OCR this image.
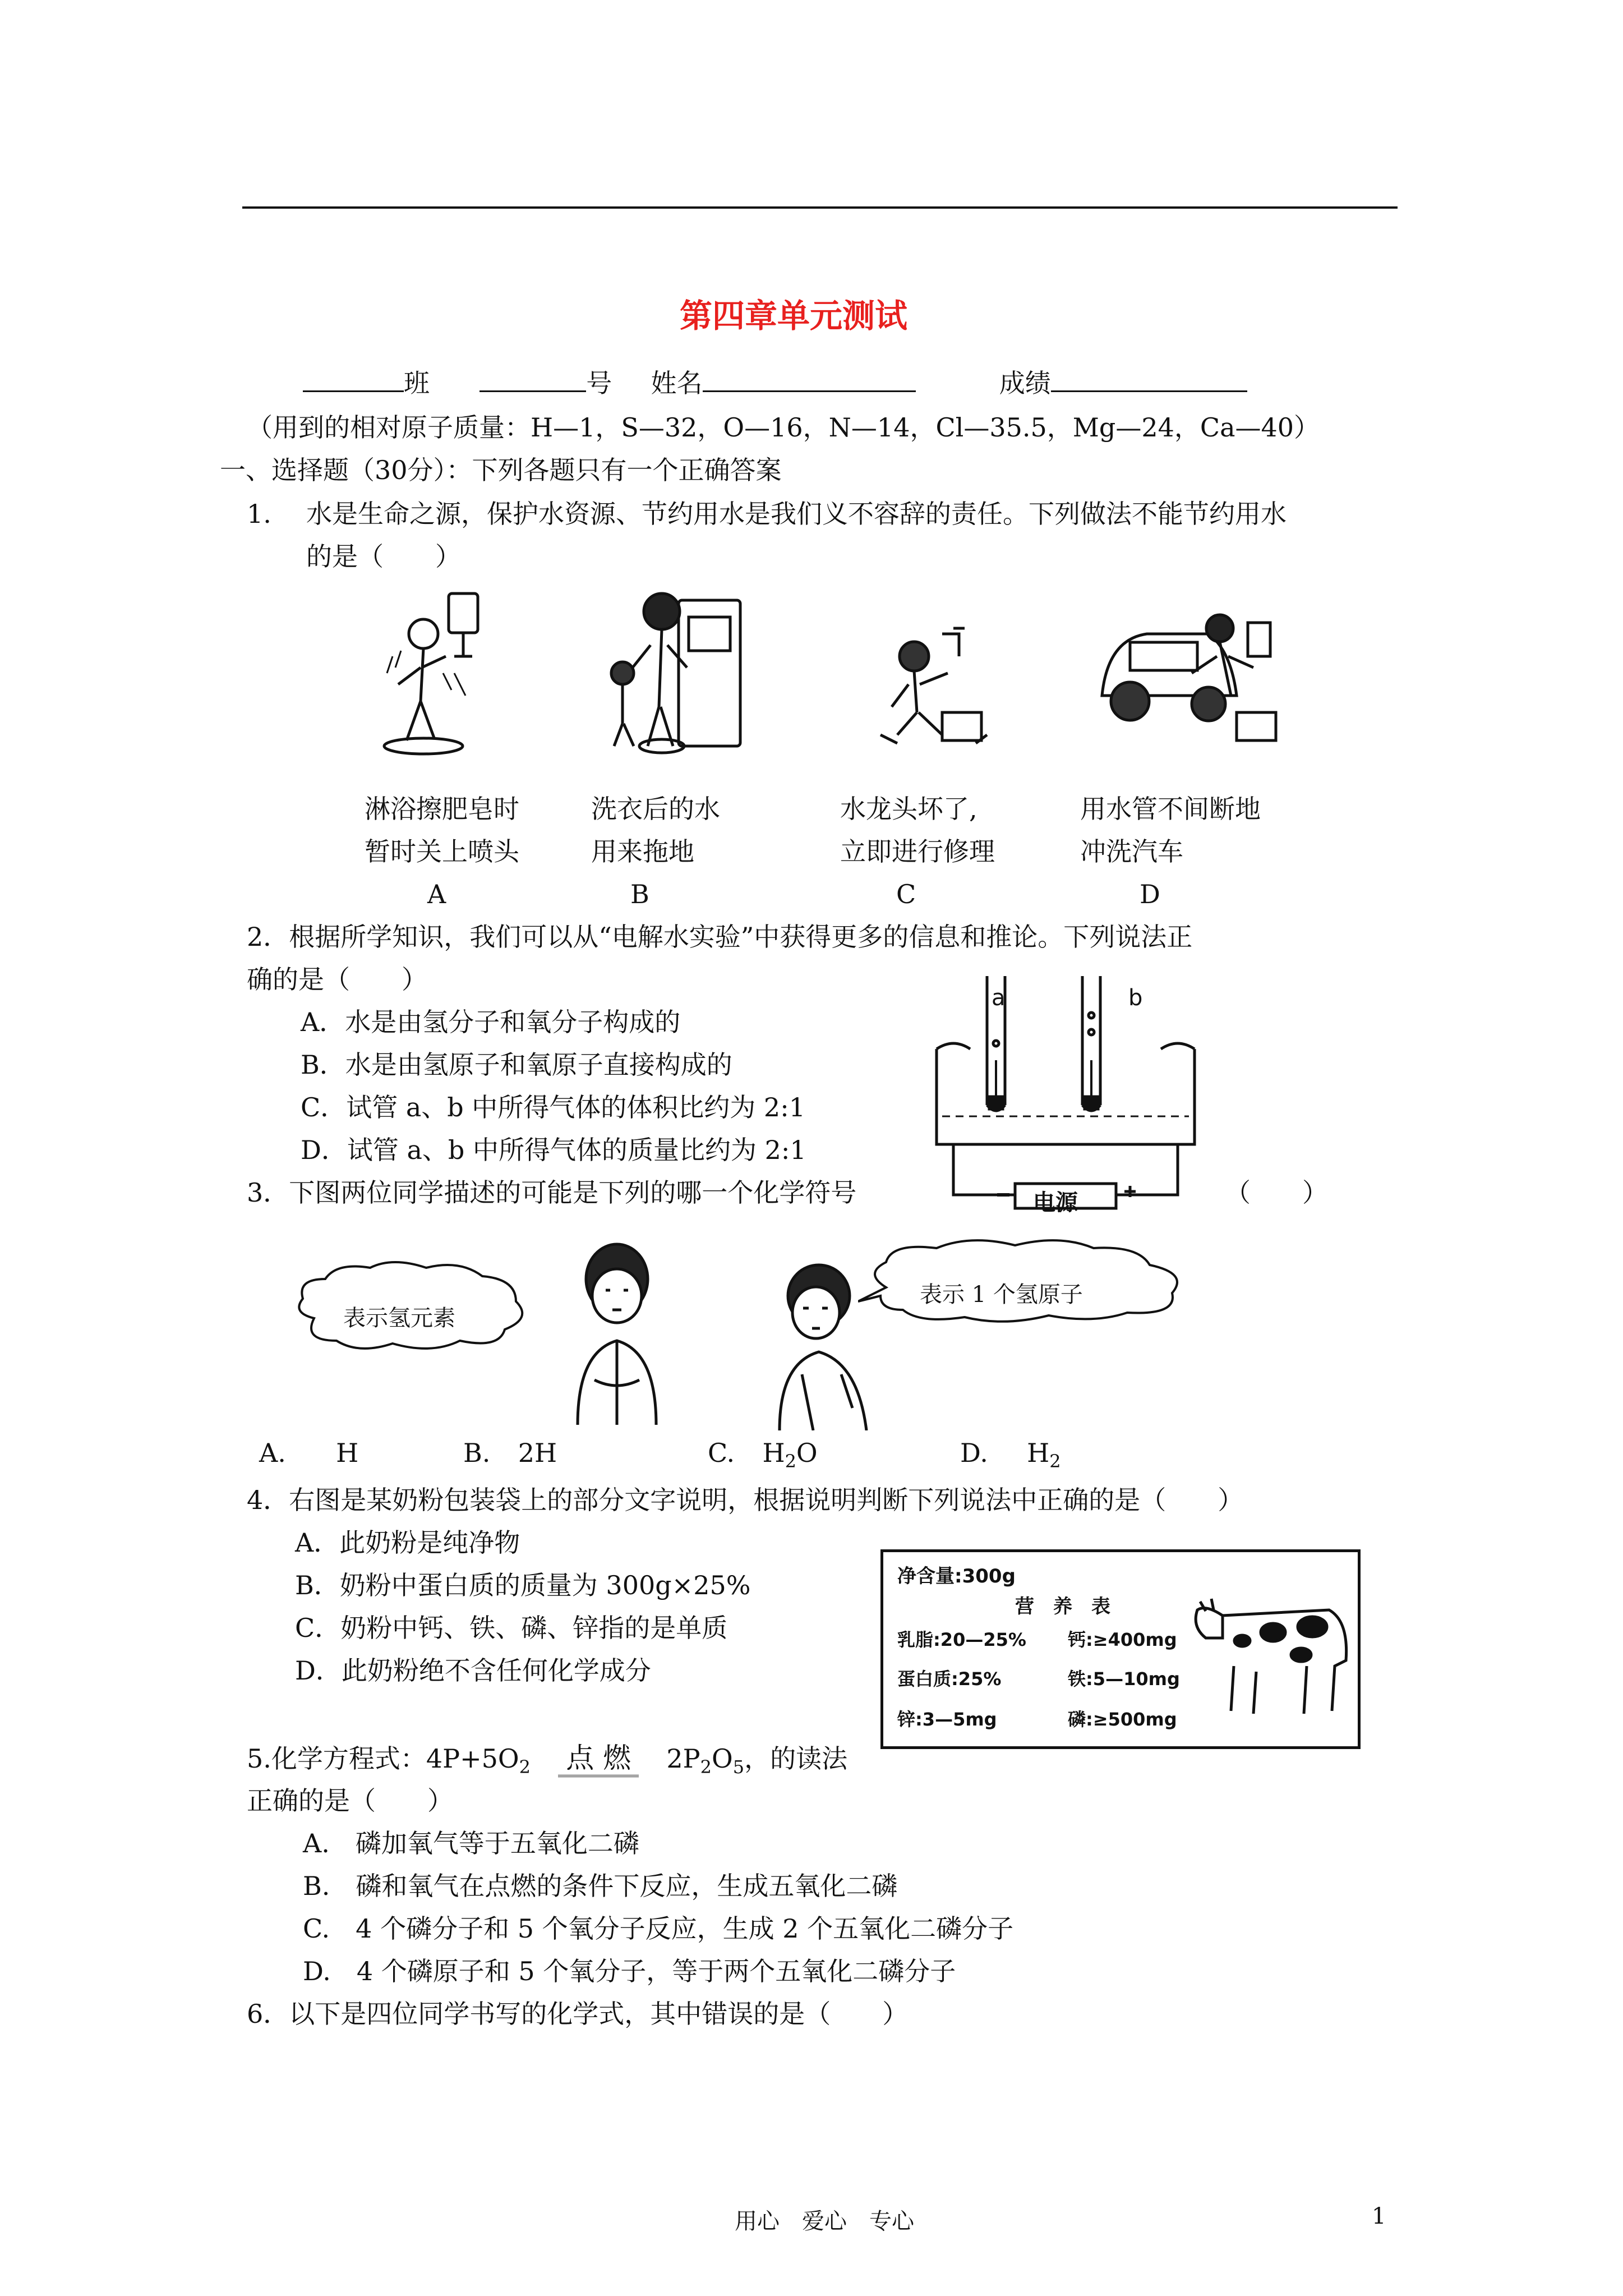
第四章单元测试
班	号 姓名	成绩
（用到的相对原子质量：H—1，S—32，O—16，N—14，Cl—35.5，Mg—24，Ca—40）
一、选择题（30分）：下列各题只有一个正确答案
1. 水是生命之源，保护水资源、节约用水是我们义不容辞的责任。下列做法不能节约用水
的是（　　）
淋浴擦肥皂时
暂时关上喷头
A
洗衣后的水
用来拖地
B
水龙头坏了,
立即进行修理
C
用水管不间断地
冲洗汽车
D
2．根据所学知识，我们可以从“电解水实验”中获得更多的信息和推论。下列说法正
确的是（　　）
A．水是由氢分子和氧分子构成的
B．水是由氢原子和氧原子直接构成的
C．试管 a、b 中所得气体的体积比约为 2:1
D．试管 a、b 中所得气体的质量比约为 2:1
a	b
电源
3．下图两位同学描述的可能是下列的哪一个化学符号	（　　）
表示氢元素
表示 1 个氢原子
A. H	B. 2H	C. $H_2O$	D. $H_2$
4．右图是某奶粉包装袋上的部分文字说明，根据说明判断下列说法中正确的是（　　）
A．此奶粉是纯净物
B．奶粉中蛋白质的质量为 300g×25%
C．奶粉中钙、铁、磷、锌指的是单质
D．此奶粉绝不含任何化学成分
净含量:300g
营　养　表
乳脂:20—25% 钙:≥400mg
蛋白质:25%	铁:5—10mg
锌:3—5mg	磷:≥500mg
5.化学方程式：$4P+5O_2$ 点 燃 $2P_2O_5$，的读法
正确的是（　　）
A.　磷加氧气等于五氧化二磷
B.　磷和氧气在点燃的条件下反应，生成五氧化二磷
C.　4 个磷分子和 5 个氧分子反应，生成 2 个五氧化二磷分子
D.　4 个磷原子和 5 个氧分子，等于两个五氧化二磷分子
6．以下是四位同学书写的化学式，其中错误的是（　　）
用心　爱心　专心	1
